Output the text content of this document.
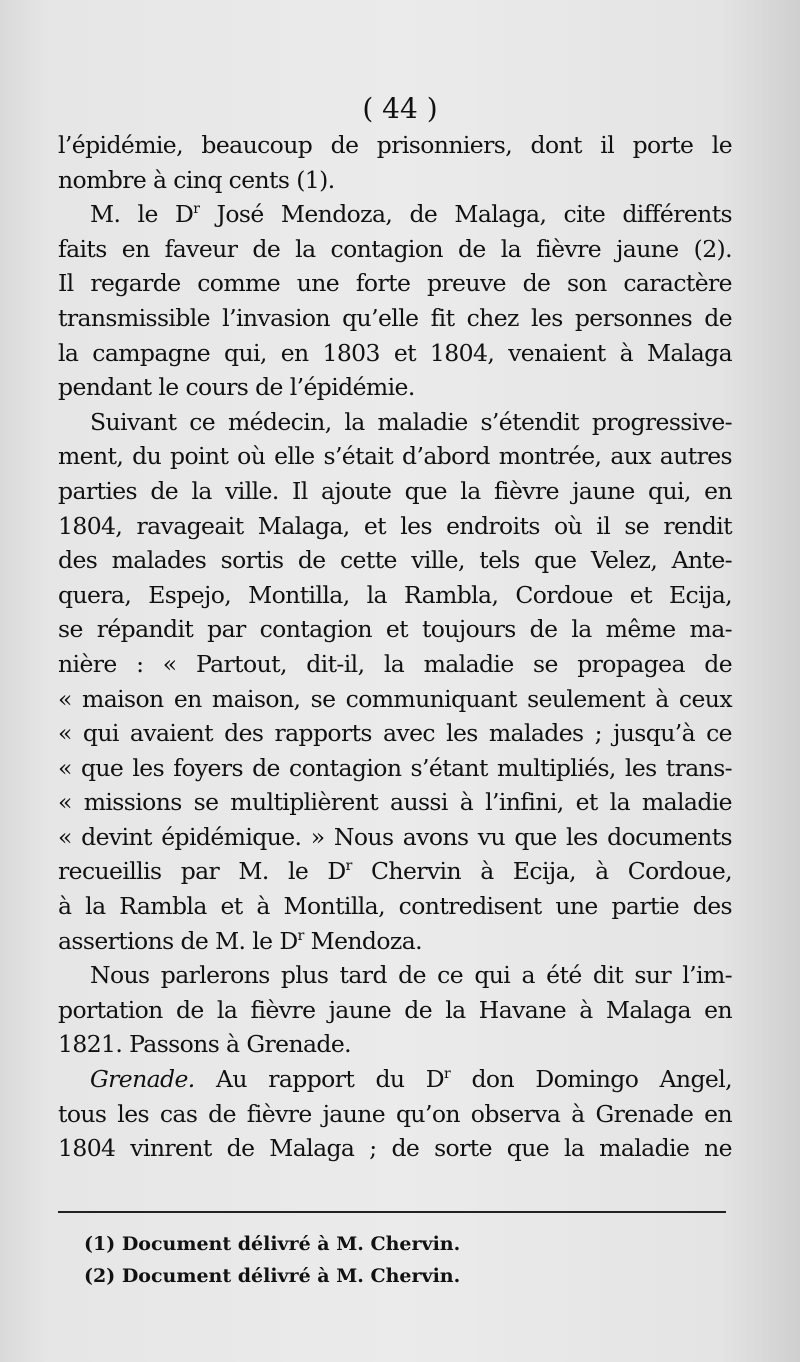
( 44 )
l’épidémie, beaucoup de prisonniers, dont il porte le
nombre à cinq cents (1).
M. le $D^r$ José Mendoza, de Malaga, cite différents
faits en faveur de la contagion de la fièvre jaune (2).
Il regarde comme une forte preuve de son caractère
transmissible l’invasion qu’elle fit chez les personnes de
la campagne qui, en 1803 et 1804, venaient à Malaga
pendant le cours de l’épidémie.
Suivant ce médecin, la maladie s’étendit progressive-
ment, du point où elle s’était d’abord montrée, aux autres
parties de la ville. Il ajoute que la fièvre jaune qui, en
1804, ravageait Malaga, et les endroits où il se rendit
des malades sortis de cette ville, tels que Velez, Ante-
quera, Espejo, Montilla, la Rambla, Cordoue et Ecija,
se répandit par contagion et toujours de la même ma-
nière : « Partout, dit-il, la maladie se propagea de
« maison en maison, se communiquant seulement à ceux
« qui avaient des rapports avec les malades ; jusqu’à ce
« que les foyers de contagion s’étant multipliés, les trans-
« missions se multiplièrent aussi à l’infini, et la maladie
« devint épidémique. » Nous avons vu que les documents
recueillis par M. le $D^r$ Chervin à Ecija, à Cordoue,
à la Rambla et à Montilla, contredisent une partie des
assertions de M. le $D^r$ Mendoza.
Nous parlerons plus tard de ce qui a été dit sur l’im-
portation de la fièvre jaune de la Havane à Malaga en
1821. Passons à Grenade.
Grenade. Au rapport du $D^r$ don Domingo Angel,
tous les cas de fièvre jaune qu’on observa à Grenade en
1804 vinrent de Malaga ; de sorte que la maladie ne
(1) Document délivré à M. Chervin.
(2) Document délivré à M. Chervin.
